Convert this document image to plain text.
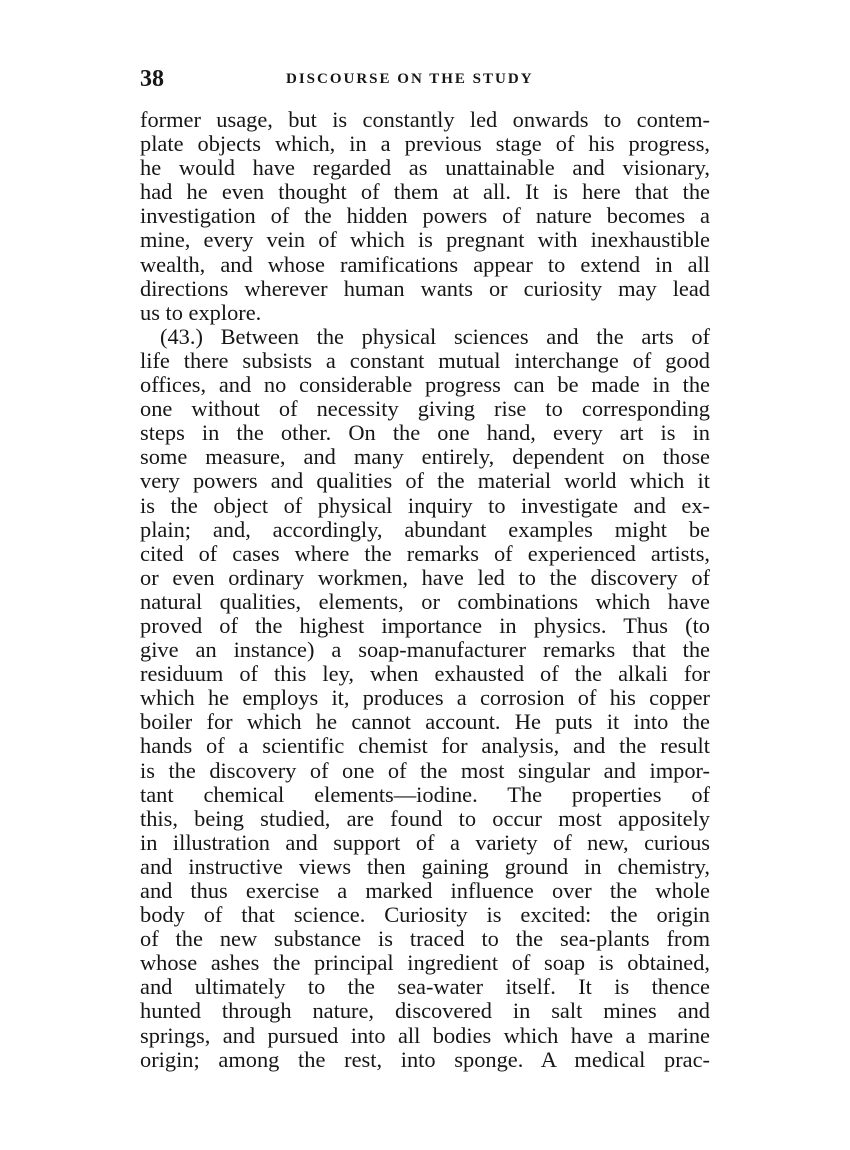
38	DISCOURSE ON THE STUDY
former usage, but is constantly led onwards to contem-
plate objects which, in a previous stage of his progress,
he would have regarded as unattainable and visionary,
had he even thought of them at all. It is here that the
investigation of the hidden powers of nature becomes a
mine, every vein of which is pregnant with inexhaustible
wealth, and whose ramifications appear to extend in all
directions wherever human wants or curiosity may lead
us to explore.
(43.) Between the physical sciences and the arts of
life there subsists a constant mutual interchange of good
offices, and no considerable progress can be made in the
one without of necessity giving rise to corresponding
steps in the other. On the one hand, every art is in
some measure, and many entirely, dependent on those
very powers and qualities of the material world which it
is the object of physical inquiry to investigate and ex-
plain; and, accordingly, abundant examples might be
cited of cases where the remarks of experienced artists,
or even ordinary workmen, have led to the discovery of
natural qualities, elements, or combinations which have
proved of the highest importance in physics. Thus (to
give an instance) a soap-manufacturer remarks that the
residuum of this ley, when exhausted of the alkali for
which he employs it, produces a corrosion of his copper
boiler for which he cannot account. He puts it into the
hands of a scientific chemist for analysis, and the result
is the discovery of one of the most singular and impor-
tant chemical elements—iodine. The properties of
this, being studied, are found to occur most appositely
in illustration and support of a variety of new, curious
and instructive views then gaining ground in chemistry,
and thus exercise a marked influence over the whole
body of that science. Curiosity is excited: the origin
of the new substance is traced to the sea-plants from
whose ashes the principal ingredient of soap is obtained,
and ultimately to the sea-water itself. It is thence
hunted through nature, discovered in salt mines and
springs, and pursued into all bodies which have a marine
origin; among the rest, into sponge. A medical prac-
